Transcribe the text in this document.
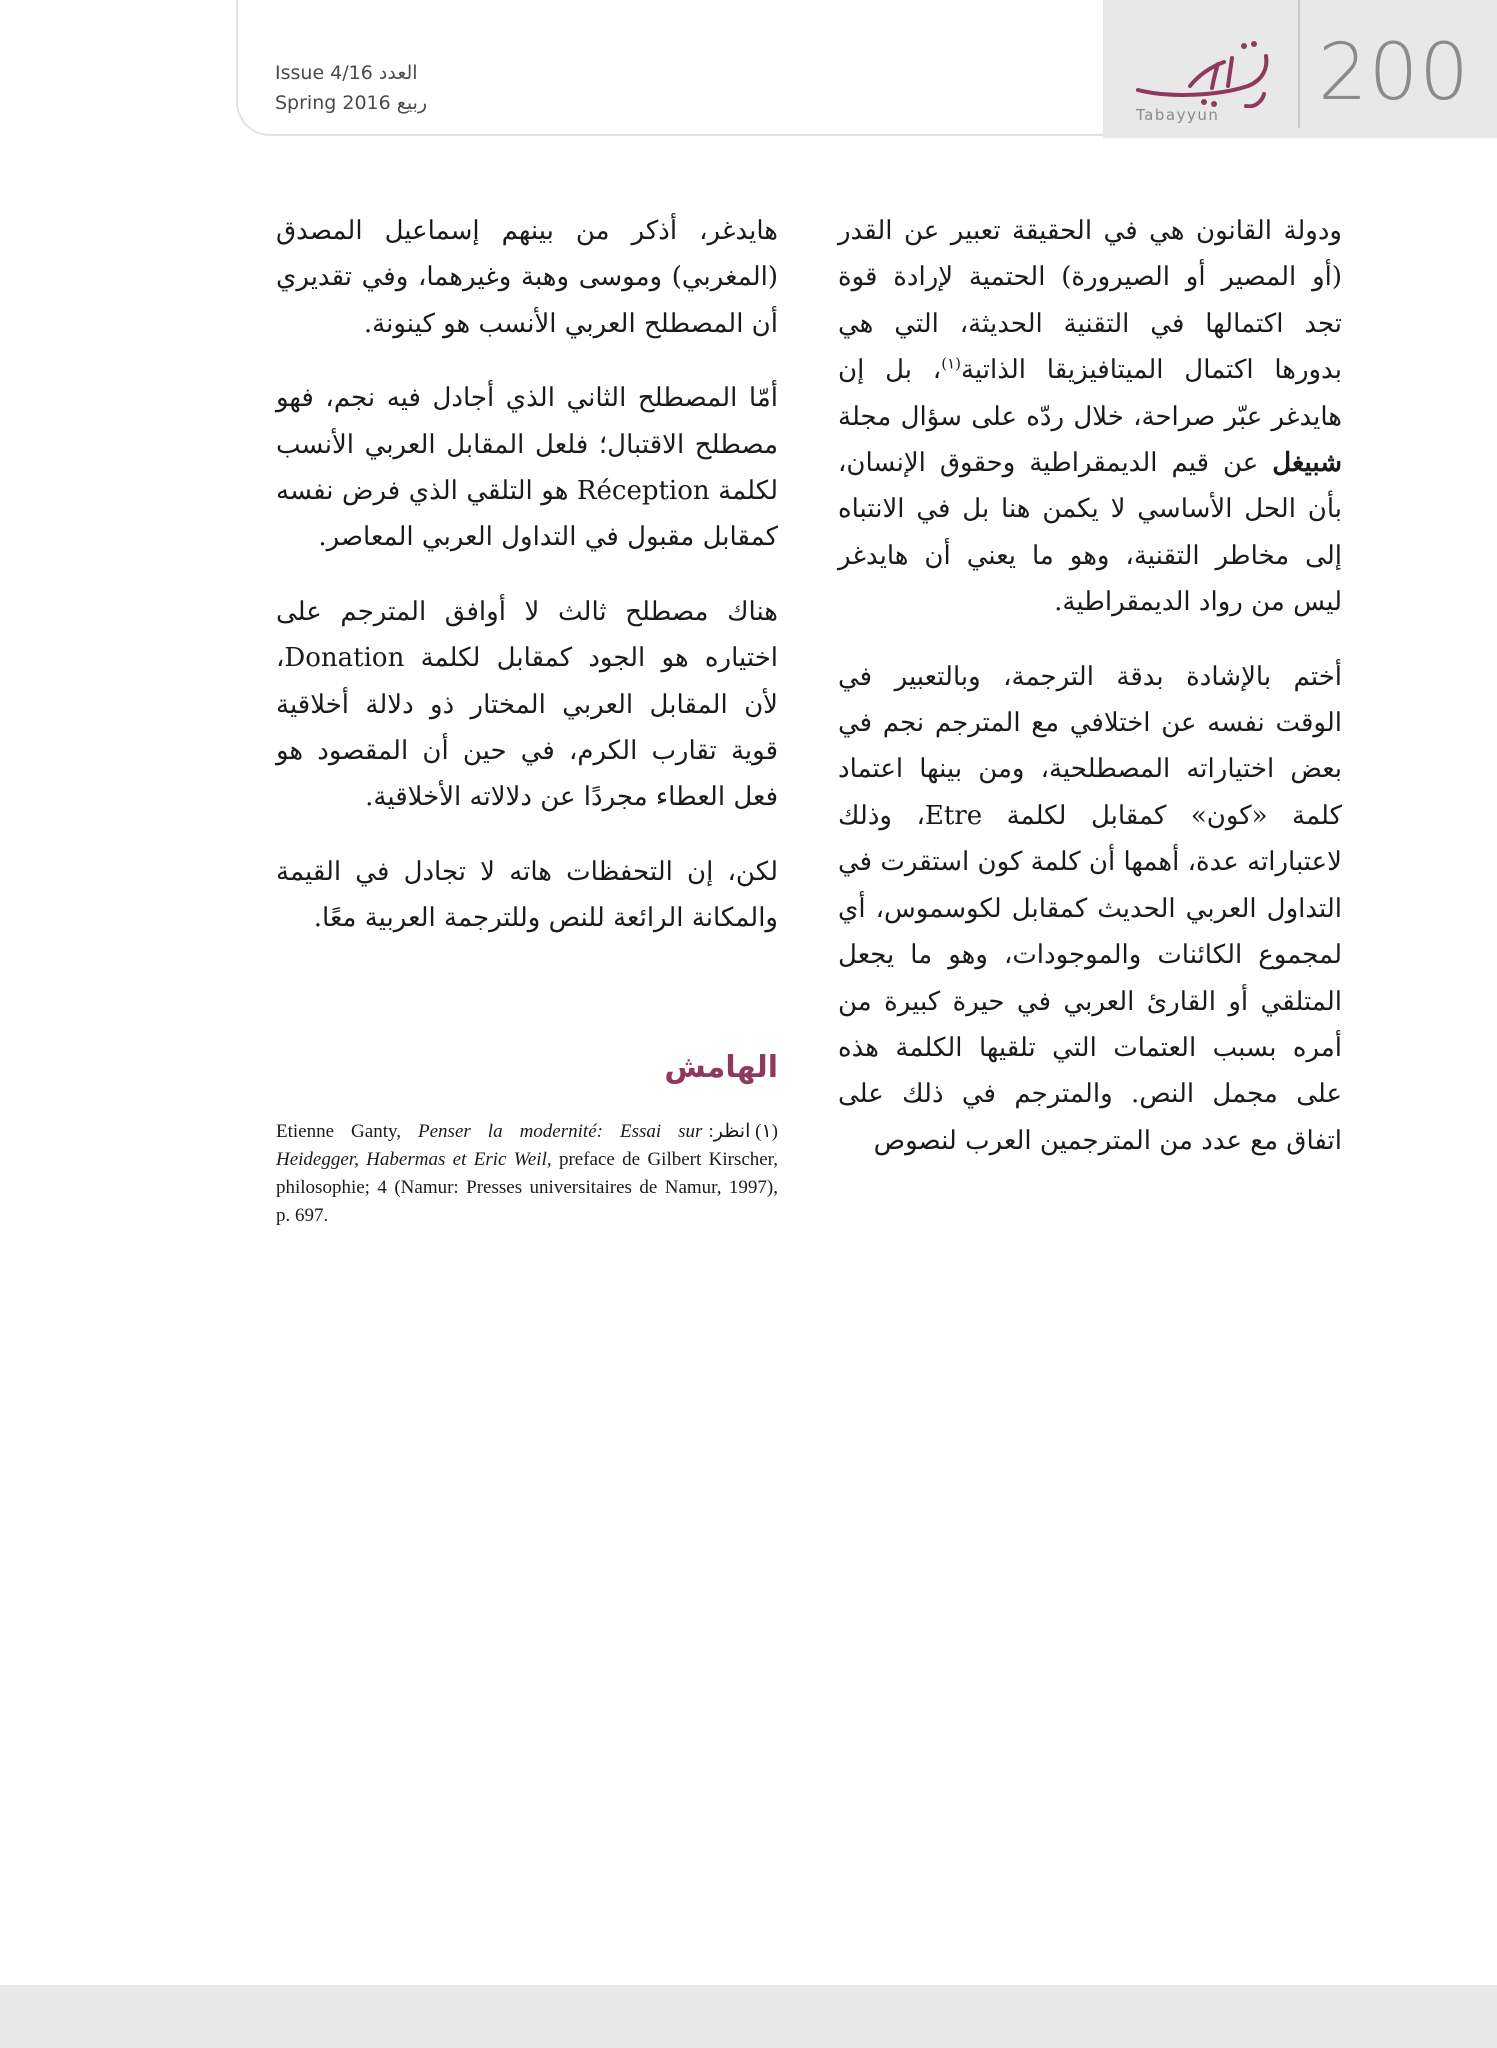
Tabayyun 200
Issue 4/16 العدد
Spring 2016 ربيع

ودولة القانون هي في الحقيقة تعبير عن القدر (أو المصير أو الصيرورة) الحتمية لإرادة قوة تجد اكتمالها في التقنية الحديثة، التي هي بدورها اكتمال الميتافيزيقا الذاتية$^{(١)}$، بل إن هايدغر عبّر صراحة، خلال ردّه على سؤال مجلة شبيغل عن قيم الديمقراطية وحقوق الإنسان، بأن الحل الأساسي لا يكمن هنا بل في الانتباه إلى مخاطر التقنية، وهو ما يعني أن هايدغر ليس من رواد الديمقراطية.

أختم بالإشادة بدقة الترجمة، وبالتعبير في الوقت نفسه عن اختلافي مع المترجم نجم في بعض اختياراته المصطلحية، ومن بينها اعتماد كلمة «كون» كمقابل لكلمة Etre، وذلك لاعتباراته عدة، أهمها أن كلمة كون استقرت في التداول العربي الحديث كمقابل لكوسموس، أي لمجموع الكائنات والموجودات، وهو ما يجعل المتلقي أو القارئ العربي في حيرة كبيرة من أمره بسبب العتمات التي تلقيها الكلمة هذه على مجمل النص. والمترجم في ذلك على اتفاق مع عدد من المترجمين العرب لنصوص

هايدغر، أذكر من بينهم إسماعيل المصدق (المغربي) وموسى وهبة وغيرهما، وفي تقديري أن المصطلح العربي الأنسب هو كينونة.

أمّا المصطلح الثاني الذي أجادل فيه نجم، فهو مصطلح الاقتبال؛ فلعل المقابل العربي الأنسب لكلمة Réception هو التلقي الذي فرض نفسه كمقابل مقبول في التداول العربي المعاصر.

هناك مصطلح ثالث لا أوافق المترجم على اختياره هو الجود كمقابل لكلمة Donation، لأن المقابل العربي المختار ذو دلالة أخلاقية قوية تقارب الكرم، في حين أن المقصود هو فعل العطاء مجردًا عن دلالاته الأخلاقية.

لكن، إن التحفظات هاته لا تجادل في القيمة والمكانة الرائعة للنص وللترجمة العربية معًا.

الهامش
(١) انظر:
Etienne Ganty, Penser la modernité: Essai sur Heidegger, Habermas et Eric Weil, preface de Gilbert Kirscher, philosophie; 4 (Namur: Presses universitaires de Namur, 1997), p. 697.
